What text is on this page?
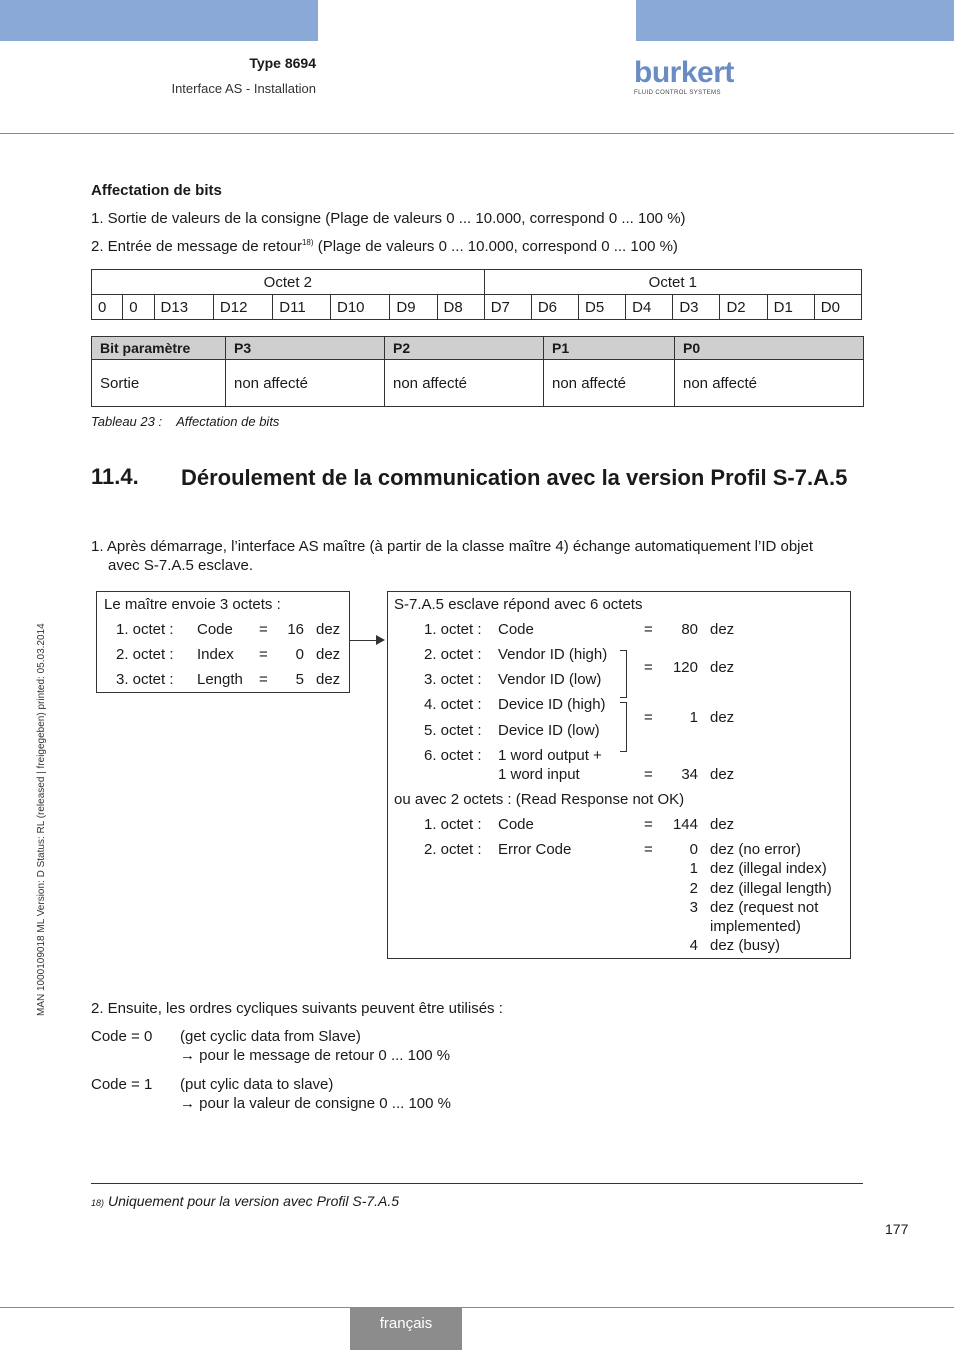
Type 8694
Interface AS - Installation	burkert
FLUID CONTROL SYSTEMS
MAN 1000109018 ML Version: D Status: RL (released | freigegeben) printed: 05.03.2014
Affectation de bits
1. Sortie de valeurs de la consigne (Plage de valeurs 0 ... 10.000, correspond 0 ... 100 %)
2. Entrée de message de retour$^{18)}$ (Plage de valeurs 0 ... 10.000, correspond 0 ... 100 %)
Octet 2								Octet 1							
0	0	D13	D12	D11	D10	D9	D8	D7	D6	D5	D4	D3	D2	D1	D0
Bit paramètre	P3	P2	P1	P0
Sortie	non affecté	non affecté	non affecté	non affecté
Tableau 23 : Affectation de bits
11.4. Déroulement de la communication avec la version Profil S-7.A.5
1. Après démarrage, l’interface AS maître (à partir de la classe maître 4) échange automatiquement l’ID objet
avec S-7.A.5 esclave.
Le maître envoie 3 octets :
1. octet : Code =	16 dez
2. octet : Index =	0 dez
3. octet : Length =	5 dez
S-7.A.5 esclave répond avec 6 octets
1. octet : Code	=	80 dez
2. octet : Vendor ID (high)
3. octet : Vendor ID (low)
=	120 dez
4. octet : Device ID (high)
5. octet : Device ID (low)
=	1 dez
6. octet : 1 word output +
1 word input	=	34 dez
ou avec 2 octets : (Read Response not OK)
1. octet : Code	=	144 dez
2. octet : Error Code	=	0 dez (no error)
1 dez (illegal index)
2 dez (illegal length)
3 dez (request not
implemented)
4 dez (busy)
2. Ensuite, les ordres cycliques suivants peuvent être utilisés :
Code = 0 (get cyclic data from Slave)
→ pour le message de retour 0 ... 100 %
Code = 1 (put cylic data to slave)
→ pour la valeur de consigne 0 ... 100 %
18) Uniquement pour la version avec Profil S-7.A.5
177
français
